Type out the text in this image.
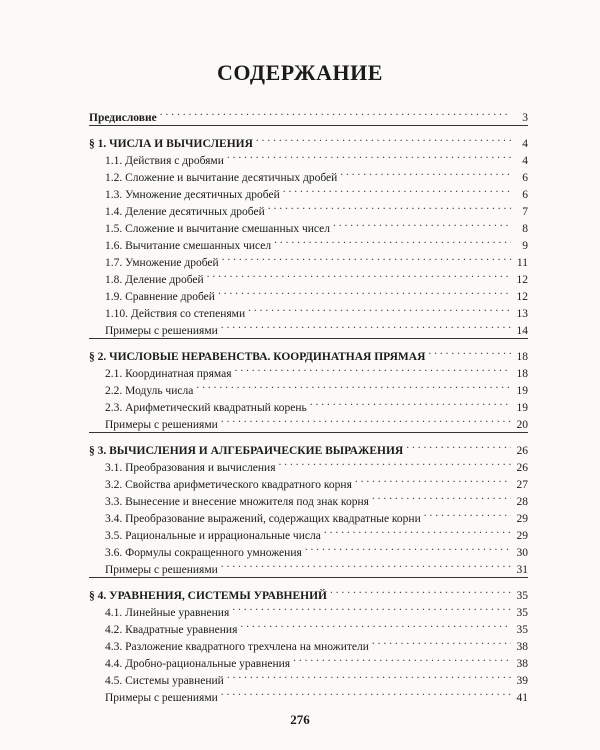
СОДЕРЖАНИЕ
Предисловие . . .	3
§ 1. ЧИСЛА И ВЫЧИСЛЕНИЯ . . .	4
1.1. Действия с дробями . . .	4
1.2. Сложение и вычитание десятичных дробей . . .	6
1.3. Умножение десятичных дробей . . .	6
1.4. Деление десятичных дробей . . .	7
1.5. Сложение и вычитание смешанных чисел . . .	8
1.6. Вычитание смешанных чисел . . .	9
1.7. Умножение дробей . . .	11
1.8. Деление дробей . . .	12
1.9. Сравнение дробей . . .	12
1.10. Действия со степенями . . .	13
Примеры с решениями . . .	14
§ 2. ЧИСЛОВЫЕ НЕРАВЕНСТВА. КООРДИНАТНАЯ ПРЯМАЯ . . .	18
2.1. Координатная прямая . . .	18
2.2. Модуль числа . . .	19
2.3. Арифметический квадратный корень . . .	19
Примеры с решениями . . .	20
§ 3. ВЫЧИСЛЕНИЯ И АЛГЕБРАИЧЕСКИЕ ВЫРАЖЕНИЯ . . .	26
3.1. Преобразования и вычисления . . .	26
3.2. Свойства арифметического квадратного корня . . .	27
3.3. Вынесение и внесение множителя под знак корня . . .	28
3.4. Преобразование выражений, содержащих квадратные корни . . .	29
3.5. Рациональные и иррациональные числа . . .	29
3.6. Формулы сокращенного умножения . . .	30
Примеры с решениями . . .	31
§ 4. УРАВНЕНИЯ, СИСТЕМЫ УРАВНЕНИЙ . . .	35
4.1. Линейные уравнения . . .	35
4.2. Квадратные уравнения . . .	35
4.3. Разложение квадратного трехчлена на множители . . .	38
4.4. Дробно-рациональные уравнения . . .	38
4.5. Системы уравнений . . .	39
Примеры с решениями . . .	41
276
